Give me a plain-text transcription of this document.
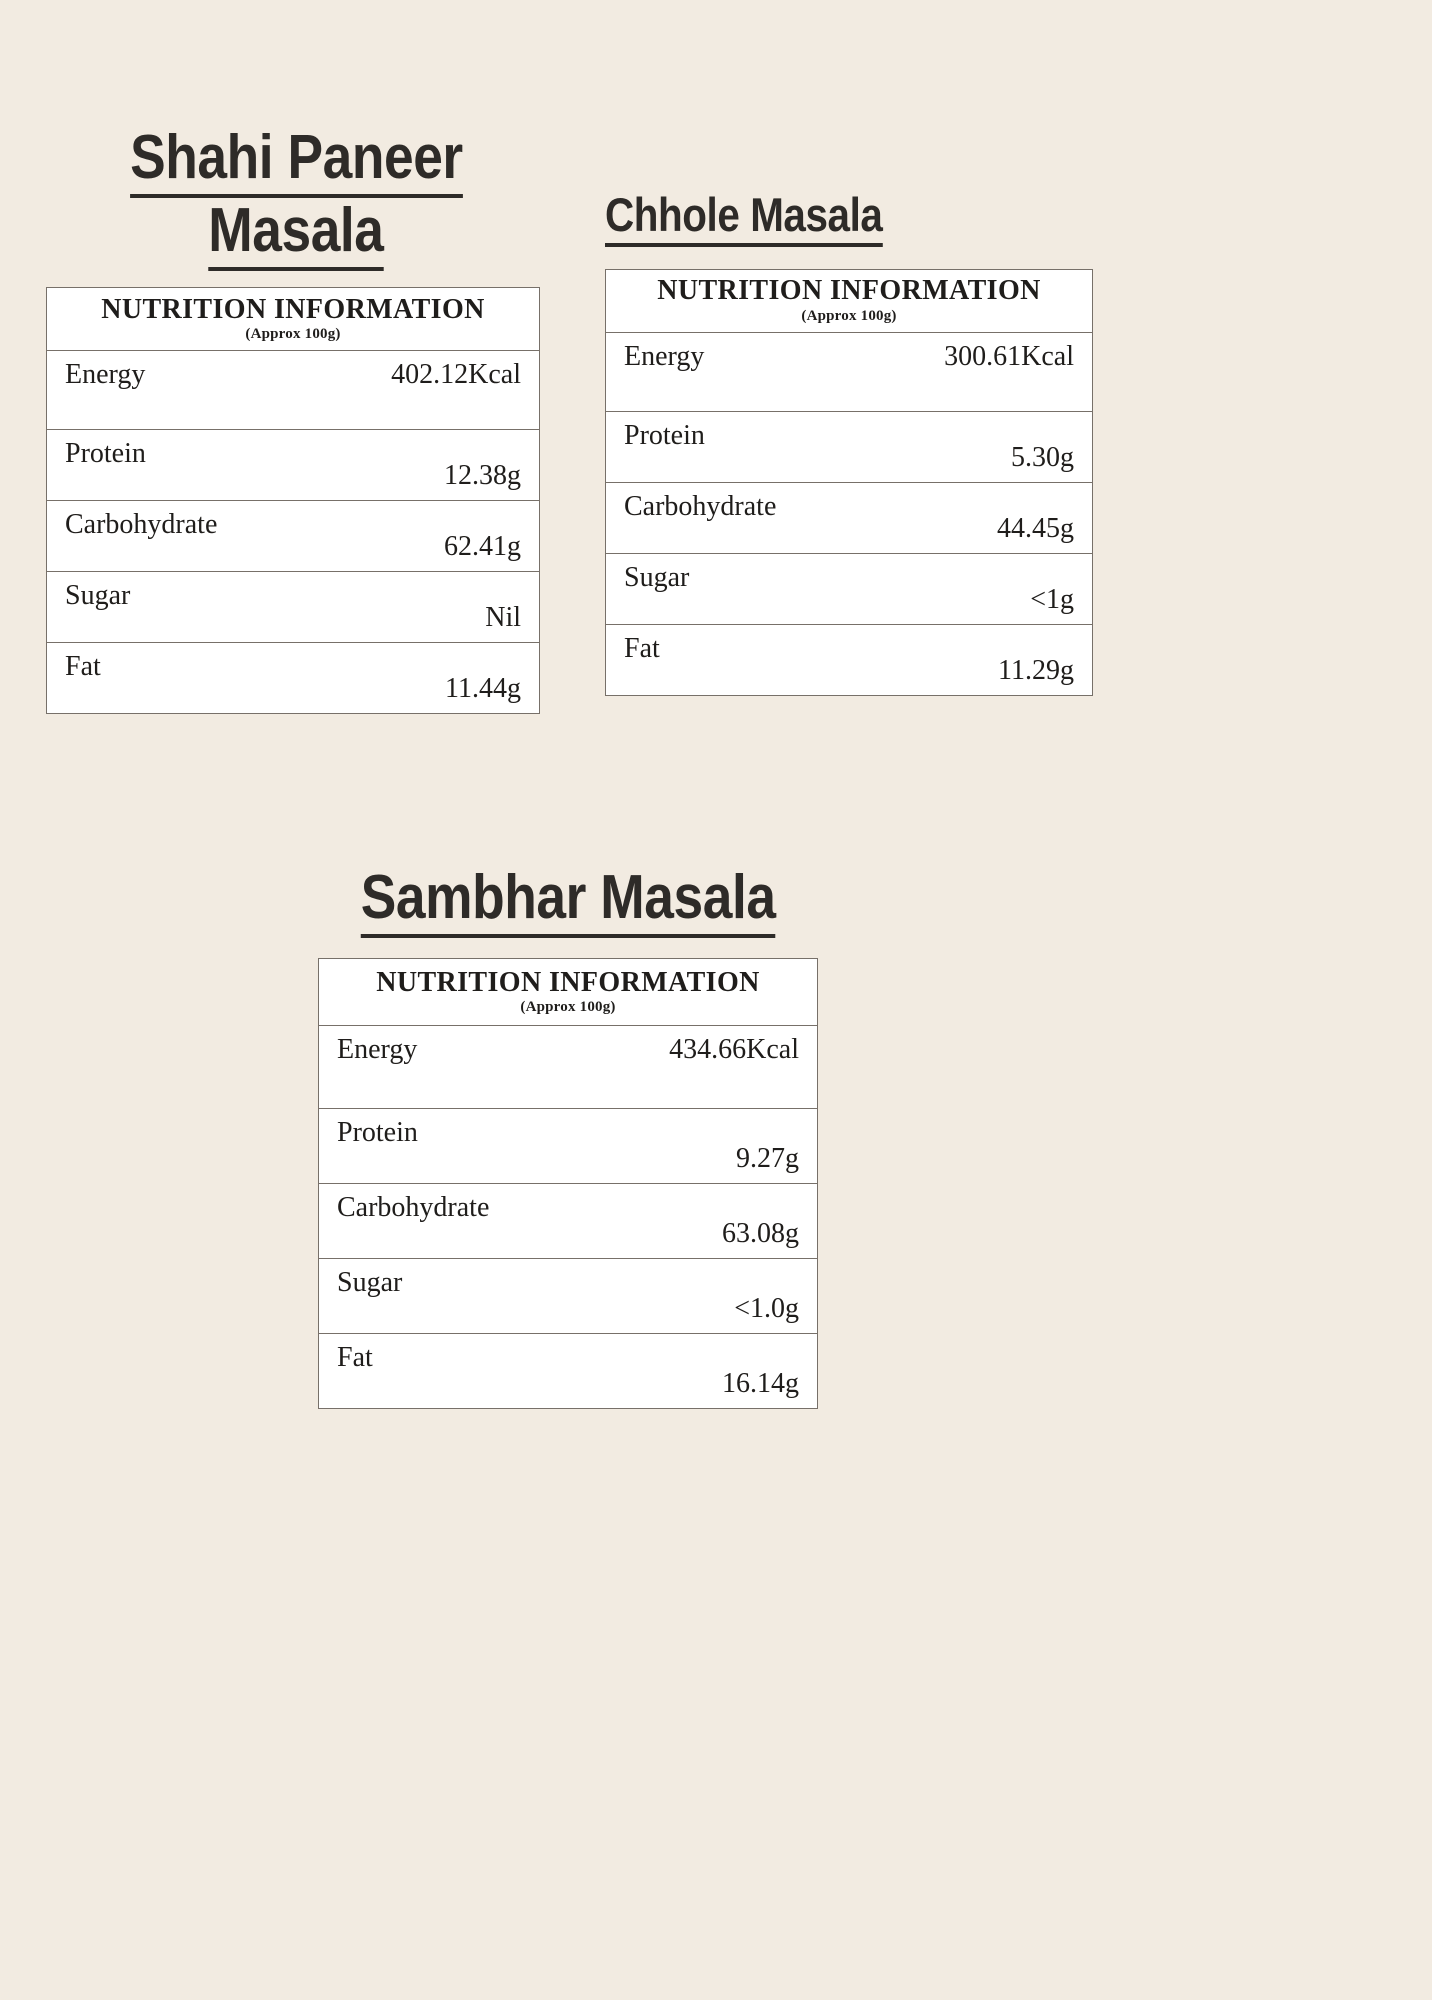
Shahi Paneer
Masala
NUTRITION INFORMATION
(Approx 100g)	

Energy	402.12Kcal
Protein	12.38g
Carbohydrate	62.41g
Sugar	Nil
Fat	11.44g
Chhole Masala
NUTRITION INFORMATION
(Approx 100g)	

Energy	300.61Kcal
Protein	5.30g
Carbohydrate	44.45g
Sugar	<1g
Fat	11.29g
Sambhar Masala
NUTRITION INFORMATION
(Approx 100g)	

Energy	434.66Kcal
Protein	9.27g
Carbohydrate	63.08g
Sugar	<1.0g
Fat	16.14g
